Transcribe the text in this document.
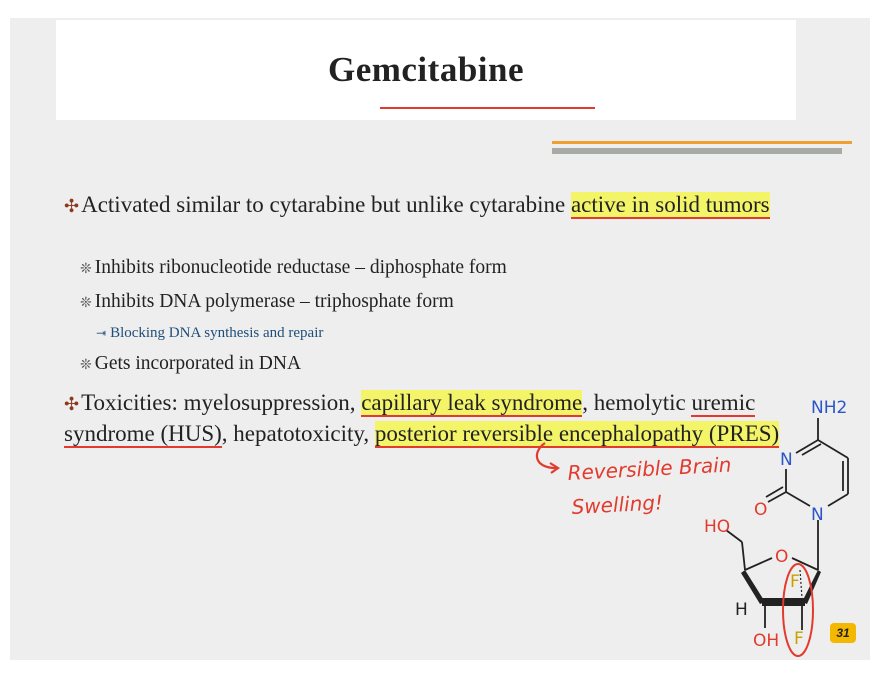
Gemcitabine
✣Activated similar to cytarabine but unlike cytarabine active in solid tumors
❊ Inhibits ribonucleotide reductase – diphosphate form
❊ Inhibits DNA polymerase – triphosphate form
⇥ Blocking DNA synthesis and repair
❊ Gets incorporated in DNA
✣Toxicities: myelosuppression, capillary leak syndrome, hemolytic uremic syndrome (HUS), hepatotoxicity, posterior reversible encephalopathy (PRES)
Reversible Brain
Swelling!
NH2
N
N
O
HO
O
F
H
OH F	31
